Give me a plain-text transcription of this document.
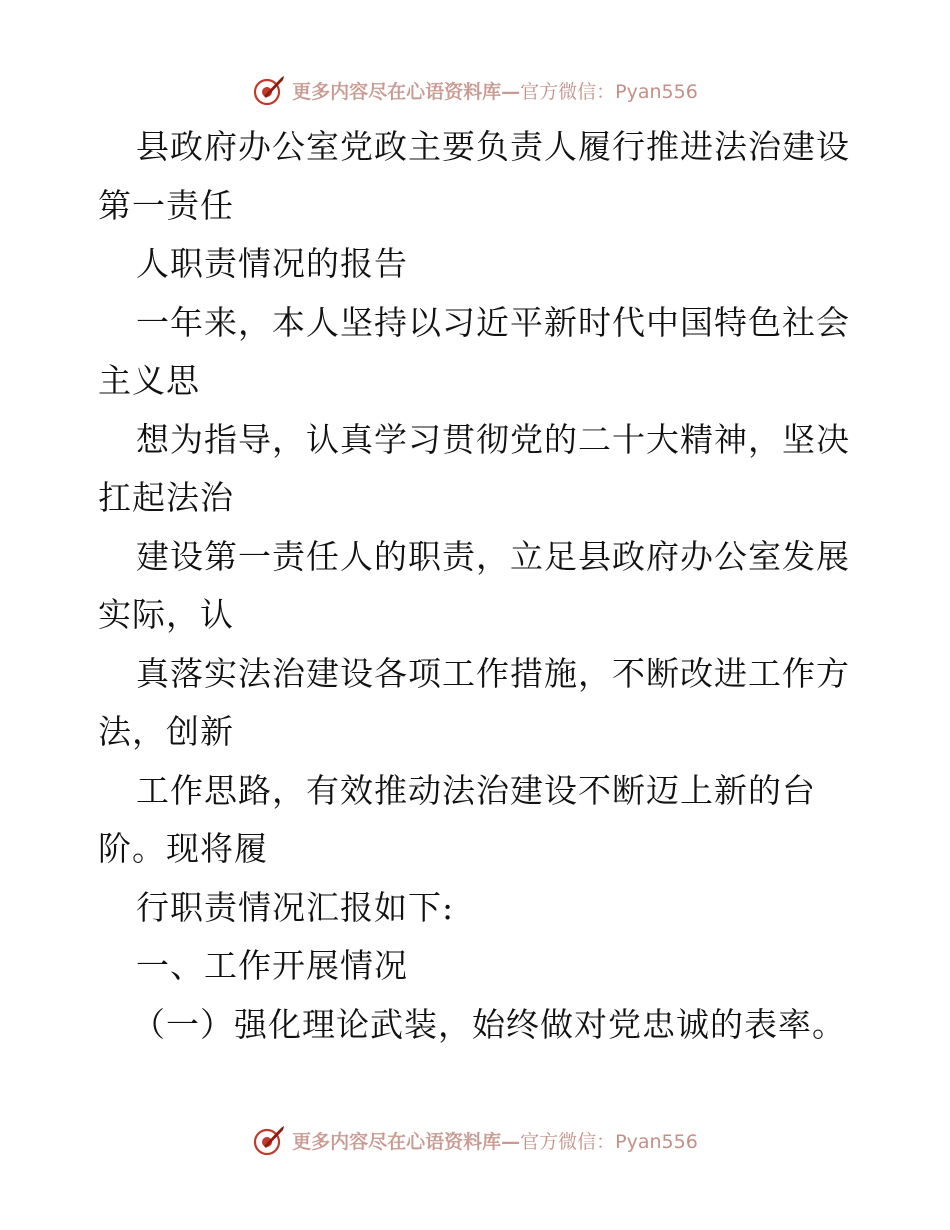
更多内容尽在心语资料库—官方微信：Pyan556
县政府办公室党政主要负责人履行推进法治建设
第一责任
人职责情况的报告
一年来，本人坚持以习近平新时代中国特色社会
主义思
想为指导，认真学习贯彻党的二十大精神，坚决
扛起法治
建设第一责任人的职责，立足县政府办公室发展
实际，认
真落实法治建设各项工作措施，不断改进工作方
法，创新
工作思路，有效推动法治建设不断迈上新的台
阶。现将履
行职责情况汇报如下:
一、工作开展情况
（一）强化理论武装，始终做对党忠诚的表率。
更多内容尽在心语资料库—官方微信：Pyan556
